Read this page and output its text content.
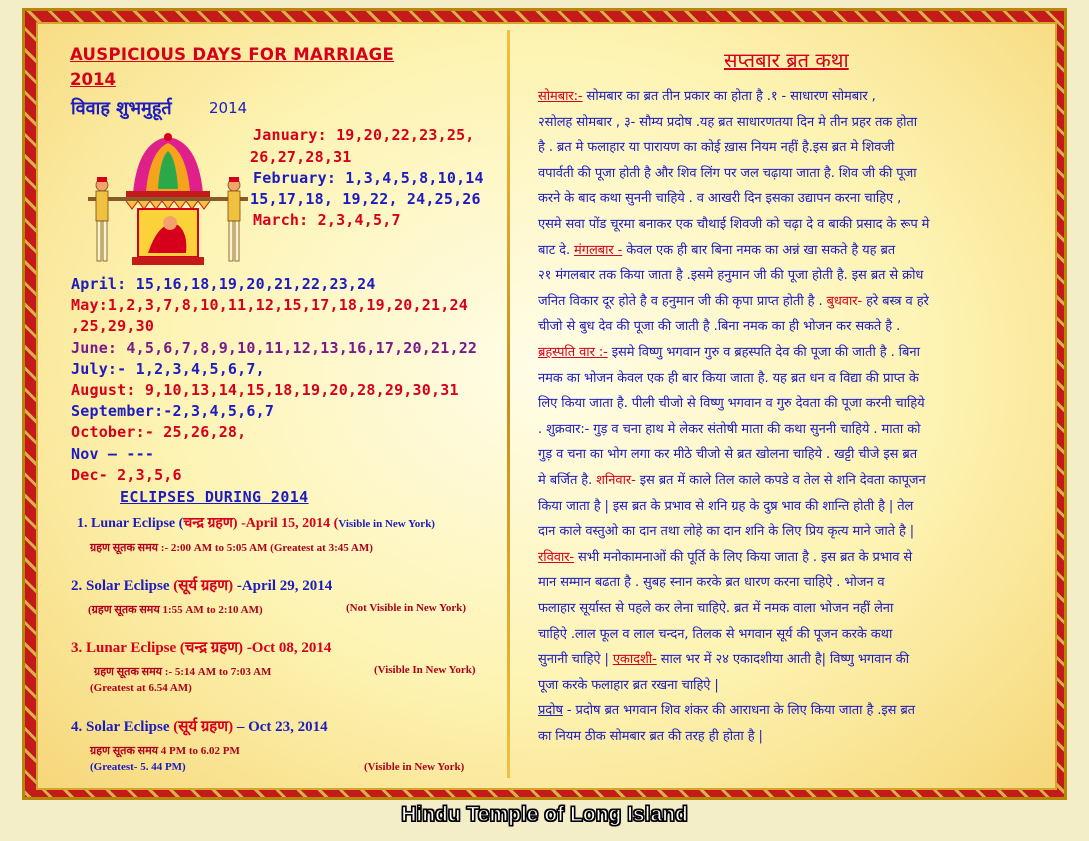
AUSPICIOUS DAYS FOR MARRIAGE
2014
विवाह शुभमुहूर्त 2014
January: 19,20,22,23,25,
26,27,28,31
February: 1,3,4,5,8,10,14
15,17,18, 19,22, 24,25,26
March: 2,3,4,5,7
April: 15,16,18,19,20,21,22,23,24
May:1,2,3,7,8,10,11,12,15,17,18,19,20,21,24
,25,29,30
June: 4,5,6,7,8,9,10,11,12,13,16,17,20,21,22
July:- 1,2,3,4,5,6,7,
August: 9,10,13,14,15,18,19,20,28,29,30,31
September:-2,3,4,5,6,7
October:- 25,26,28,
Nov – ---
Dec- 2,3,5,6
ECLIPSES DURING 2014
1. Lunar Eclipse (चन्द्र ग्रहण) -April 15, 2014 (Visible in New York)
ग्रहण सूतक समय :- 2:00 AM to 5:05 AM (Greatest at 3:45 AM)
2. Solar Eclipse (सूर्य ग्रहण) -April 29, 2014
(ग्रहण सूतक समय 1:55 AM to 2:10 AM)	(Not Visible in New York)
3. Lunar Eclipse (चन्द्र ग्रहण) -Oct 08, 2014
ग्रहण सूतक समय :- 5:14 AM to 7:03 AM	(Visible In New York)
(Greatest at 6.54 AM)
4. Solar Eclipse (सूर्य ग्रहण) – Oct 23, 2014
ग्रहण सूतक समय 4 PM to 6.02 PM
(Greatest- 5. 44 PM)	(Visible in New York)
सप्तबार ब्रत कथा
सोमबार:- सोमबार का ब्रत तीन प्रकार का होता है .१ - साधारण सोमबार ,
२सोलह सोमबार , ३- सौम्य प्रदोष .यह ब्रत साधारणतया दिन मे तीन प्रहर तक होता
है . ब्रत मे फलाहार या पारायण का कोई ख़ास नियम नहीं है.इस ब्रत मे शिवजी
वपार्वती की पूजा होती है और शिव लिंग पर जल चढ़ाया जाता है. शिव जी की पूजा
करने के बाद कथा सुननी चाहिये . व आखरी दिन इसका उद्यापन करना चाहिए ,
एसमे सवा पोंड चूरमा बनाकर एक चौथाई शिवजी को चढ़ा दे व बाकी प्रसाद के रूप मे
बाट दे. मंगलबार - केवल एक ही बार बिना नमक का अन्नं खा सकते है यह ब्रत
२१ मंगलबार तक किया जाता है .इसमे हनुमान जी की पूजा होती है. इस ब्रत से क्रोध
जनित विकार दूर होते है व हनुमान जी की कृपा प्राप्त होती है . बुधवार- हरे बस्त्र व हरे
चीजो से बुध देव की पूजा की जाती है .बिना नमक का ही भोजन कर सकते है .
ब्रहस्पति वार :- इसमे विष्णु भगवान गुरु व ब्रहस्पति देव की पूजा की जाती है . बिना
नमक का भोजन केवल एक ही बार किया जाता है. यह ब्रत धन व विद्या की प्राप्त के
लिए किया जाता है. पीली चीजो से विष्णु भगवान व गुरु देवता की पूजा करनी चाहिये
. शुक्रवार:- गुड़ व चना हाथ मे लेकर संतोषी माता की कथा सुननी चाहिये . माता को
गुड़ व चना का भोग लगा कर मीठे चीजो से ब्रत खोलना चाहिये . खट्टी चीजे इस ब्रत
मे बर्जित है. शनिवार- इस ब्रत में काले तिल काले कपडे व तेल से शनि देवता कापूजन
किया जाता है | इस ब्रत के प्रभाव से शनि ग्रह के दुष्र भाव की शान्ति होती है | तेल
दान काले वस्तुओ का दान तथा लोहे का दान शनि के लिए प्रिय कृत्य माने जाते है |
रविवार- सभी मनोकामनाओं की पूर्ति के लिए किया जाता है . इस ब्रत के प्रभाव से
मान सम्मान बढता है . सुबह स्नान करके ब्रत धारण करना चाहिऐ . भोजन व
फलाहार सूर्यास्त से पहले कर लेना चाहिऐ. ब्रत में नमक वाला भोजन नहीं लेना
चाहिऐ .लाल फूल व लाल चन्दन, तिलक से भगवान सूर्य की पूजन करके कथा
सुनानी चाहिऐ | एकादशी- साल भर में २४ एकादशीया आती है| विष्णु भगवान की
पूजा करके फलाहार ब्रत रखना चाहिऐ |
प्रदोष - प्रदोष ब्रत भगवान शिव शंकर की आराधना के लिए किया जाता है .इस ब्रत
का नियम ठीक सोमबार ब्रत की तरह ही होता है |
Hindu Temple of Long Island
